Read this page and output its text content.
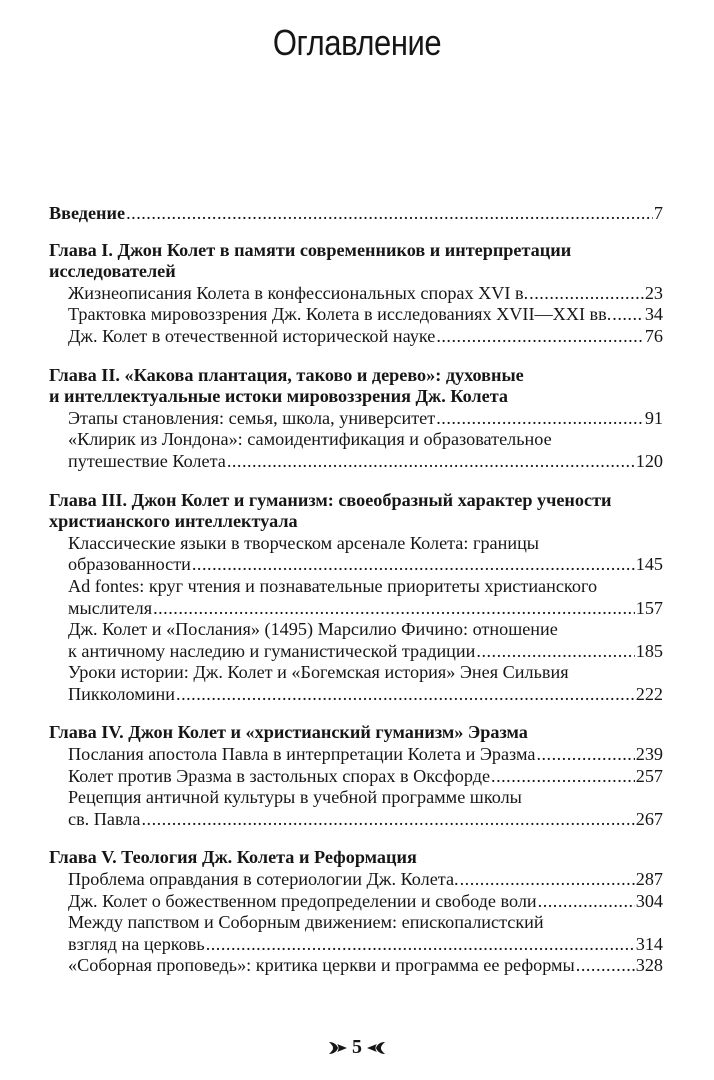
Оглавление
Введение .....	7
Глава I. Джон Колет в памяти современников и интерпретации
исследователей
Жизнеописания Колета в конфессиональных спорах XVI в. .....	23
Трактовка мировоззрения Дж. Колета в исследованиях XVII—XXI вв. ..... 34
Дж. Колет в отечественной исторической науке .....	76
Глава II. «Какова плантация, таково и дерево»: духовные
и интеллектуальные истоки мировоззрения Дж. Колета
Этапы становления: семья, школа, университет .....	91
«Клирик из Лондона»: самоидентификация и образовательное
путешествие Колета .....	120
Глава III. Джон Колет и гуманизм: своеобразный характер учености
христианского интеллектуала
Классические языки в творческом арсенале Колета: границы
образованности .....	145
Ad fontes: круг чтения и познавательные приоритеты христианского
мыслителя .....	157
Дж. Колет и «Послания» (1495) Марсилио Фичино: отношение
к античному наследию и гуманистической традиции .....	185
Уроки истории: Дж. Колет и «Богемская история» Энея Сильвия
Пикколомини .....	222
Глава IV. Джон Колет и «христианский гуманизм» Эразма
Послания апостола Павла в интерпретации Колета и Эразма .....	239
Колет против Эразма в застольных спорах в Оксфорде .....	257
Рецепция античной культуры в учебной программе школы
св. Павла .....	267
Глава V. Теология Дж. Колета и Реформация
Проблема оправдания в сотериологии Дж. Колета. .....	287
Дж. Колет о божественном предопределении и свободе воли .....	304
Между папством и Соборным движением: епископалистский
взгляд на церковь .....	314
«Соборная проповедь»: критика церкви и программа ее реформы .....	328
5
